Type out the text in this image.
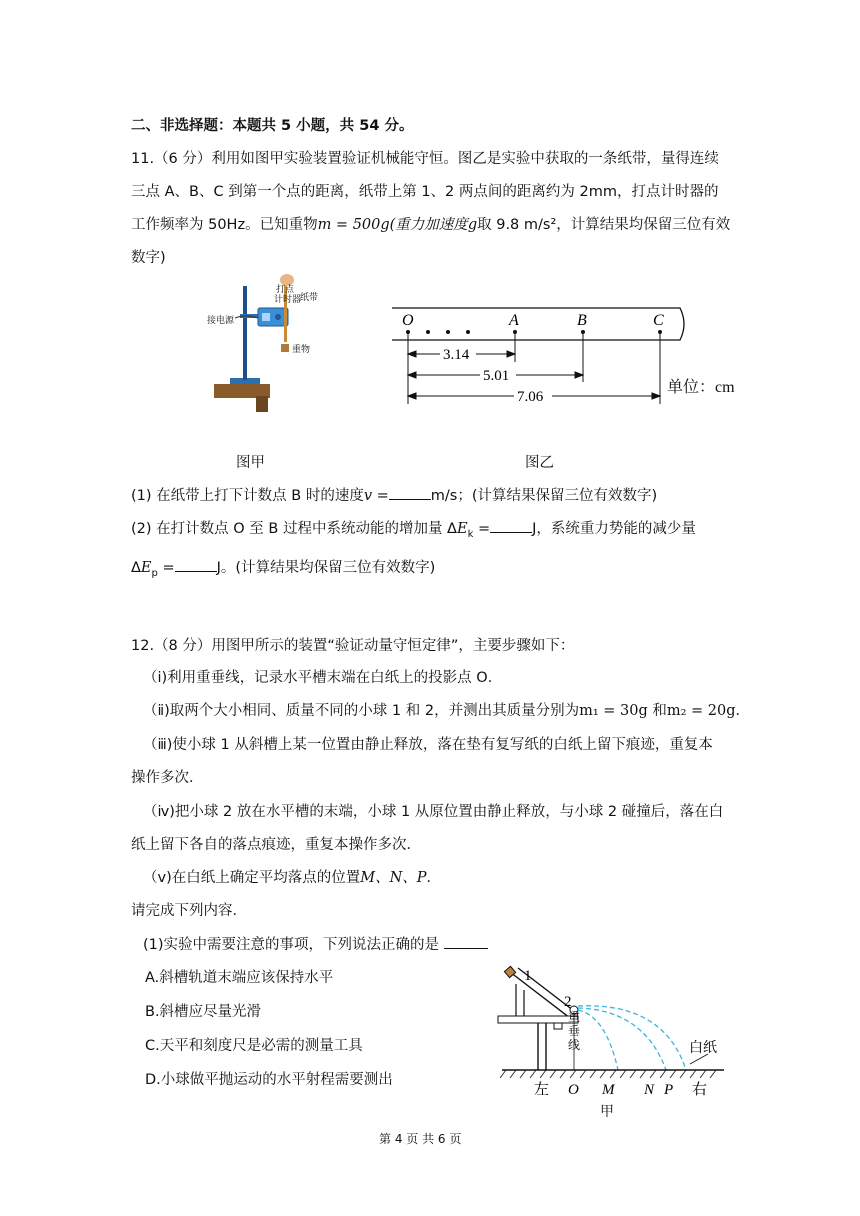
二、非选择题：本题共 5 小题，共 54 分。
11.（6 分）利用如图甲实验装置验证机械能守恒。图乙是实验中获取的一条纸带，量得连续
三点 A、B、C 到第一个点的距离，纸带上第 1、2 两点间的距离约为 2mm，打点计时器的
工作频率为 50Hz。已知重物m = 500g(重力加速度g取 9.8 m/s²，计算结果均保留三位有效
数字)
打点
计时器
纸带
接电源
重物
O	A	B	C
3.14
5.01
7.06
单位：cm
图甲	图乙
(1) 在纸带上打下计数点 B 时的速度v =	m/s；(计算结果保留三位有效数字)
(2) 在打计数点 O 至 B 过程中系统动能的增加量 $\Delta E_k$ =	J，系统重力势能的减少量
$\Delta E_p$ =	J。(计算结果均保留三位有效数字)
12.（8 分）用图甲所示的装置“验证动量守恒定律”，主要步骤如下：
（ⅰ)利用重垂线，记录水平槽末端在白纸上的投影点 O．
（ⅱ)取两个大小相同、质量不同的小球 1 和 2，并测出其质量分别为m₁ = 30g 和m₂ = 20g．
（ⅲ)使小球 1 从斜槽上某一位置由静止释放，落在垫有复写纸的白纸上留下痕迹，重复本
操作多次．
（ⅳ)把小球 2 放在水平槽的末端，小球 1 从原位置由静止释放，与小球 2 碰撞后，落在白
纸上留下各自的落点痕迹，重复本操作多次．
（ⅴ)在白纸上确定平均落点的位置M、N、P．
请完成下列内容．
(1)实验中需要注意的事项，下列说法正确的是
A.斜槽轨道末端应该保持水平
B.斜槽应尽量光滑
C.天平和刻度尺是必需的测量工具
D.小球做平抛运动的水平射程需要测出
1
2
左 O M N P 右
白纸
重垂线
甲
第 4 页 共 6 页
